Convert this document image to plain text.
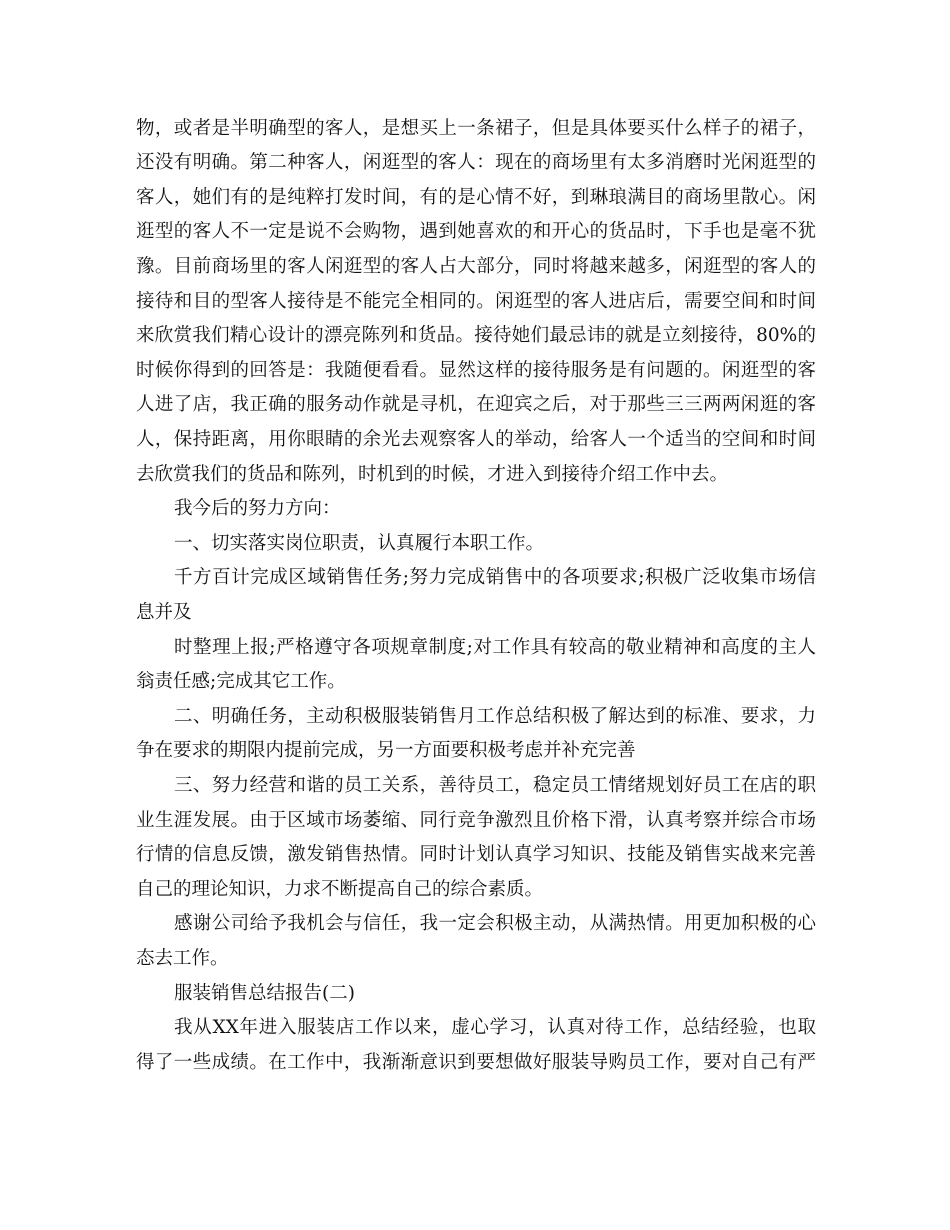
物，或者是半明确型的客人，是想买上一条裙子，但是具体要买什么样子的裙子，
还没有明确。第二种客人，闲逛型的客人：现在的商场里有太多消磨时光闲逛型的
客人，她们有的是纯粹打发时间，有的是心情不好，到琳琅满目的商场里散心。闲
逛型的客人不一定是说不会购物，遇到她喜欢的和开心的货品时，下手也是毫不犹
豫。目前商场里的客人闲逛型的客人占大部分，同时将越来越多，闲逛型的客人的
接待和目的型客人接待是不能完全相同的。闲逛型的客人进店后，需要空间和时间
来欣赏我们精心设计的漂亮陈列和货品。接待她们最忌讳的就是立刻接待，80%的
时候你得到的回答是：我随便看看。显然这样的接待服务是有问题的。闲逛型的客
人进了店，我正确的服务动作就是寻机，在迎宾之后，对于那些三三两两闲逛的客
人，保持距离，用你眼睛的余光去观察客人的举动，给客人一个适当的空间和时间
去欣赏我们的货品和陈列，时机到的时候，才进入到接待介绍工作中去。
我今后的努力方向：
一、切实落实岗位职责，认真履行本职工作。
千方百计完成区域销售任务;努力完成销售中的各项要求;积极广泛收集市场信
息并及
时整理上报;严格遵守各项规章制度;对工作具有较高的敬业精神和高度的主人
翁责任感;完成其它工作。
二、明确任务，主动积极服装销售月工作总结积极了解达到的标准、要求，力
争在要求的期限内提前完成，另一方面要积极考虑并补充完善
三、努力经营和谐的员工关系，善待员工，稳定员工情绪规划好员工在店的职
业生涯发展。由于区域市场萎缩、同行竞争激烈且价格下滑，认真考察并综合市场
行情的信息反馈，激发销售热情。同时计划认真学习知识、技能及销售实战来完善
自己的理论知识，力求不断提高自己的综合素质。
感谢公司给予我机会与信任，我一定会积极主动，从满热情。用更加积极的心
态去工作。
服装销售总结报告(二)
我从XX年进入服装店工作以来，虚心学习，认真对待工作，总结经验，也取
得了一些成绩。在工作中，我渐渐意识到要想做好服装导购员工作，要对自己有严
